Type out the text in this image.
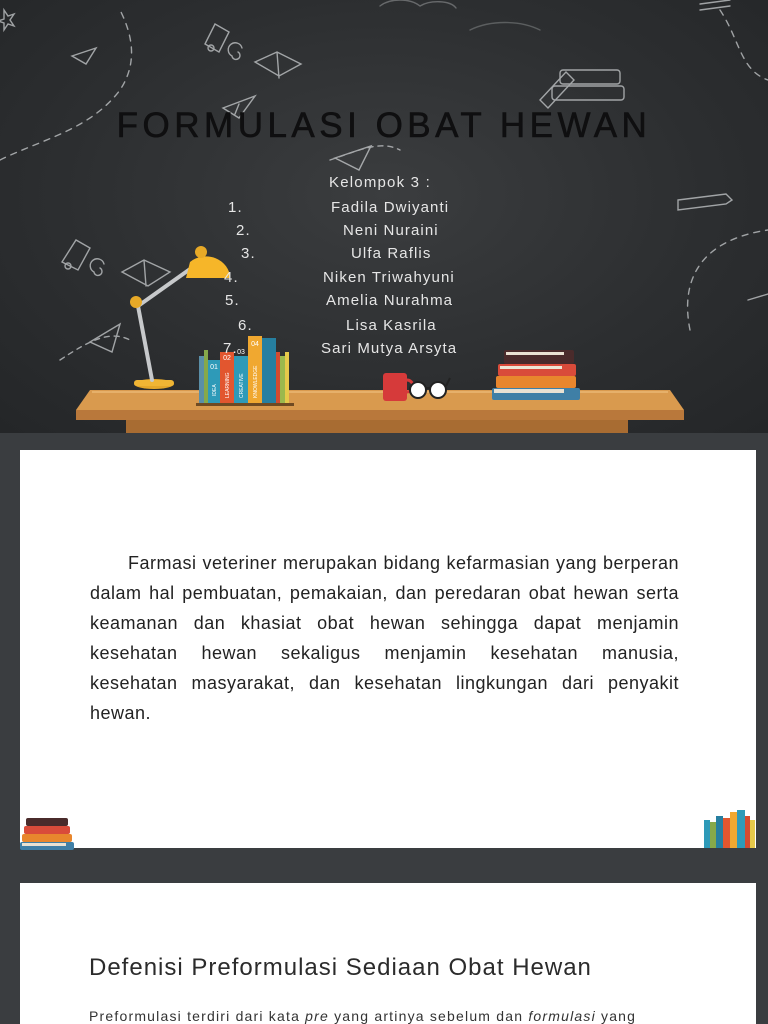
01
02
03
04
IDEA LEARNING CREATIVE KNOWLEDGE
FORMULASI OBAT HEWAN
Kelompok 3 :
1.	Fadila Dwiyanti
2.	Neni Nuraini
3.	Ulfa Raflis
4.	Niken Triwahyuni
5.	Amelia Nurahma
6.	Lisa Kasrila
7.	Sari Mutya Arsyta

Farmasi veteriner merupakan bidang kefarmasian yang berperan dalam hal pembuatan, pemakaian, dan peredaran obat hewan serta keamanan dan khasiat obat hewan sehingga dapat menjamin kesehatan hewan sekaligus menjamin kesehatan manusia, kesehatan masyarakat, dan kesehatan lingkungan dari penyakit hewan.

Defenisi Preformulasi Sediaan Obat Hewan
Preformulasi terdiri dari kata pre yang artinya sebelum dan formulasi yang
